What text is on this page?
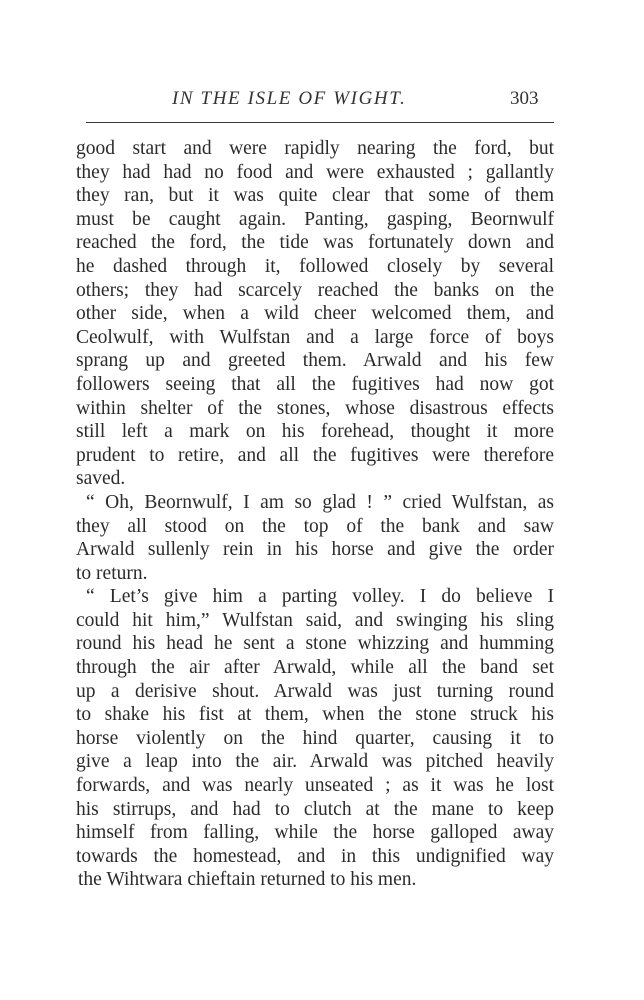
IN THE ISLE OF WIGHT.	303
good start and were rapidly nearing the ford, but
they had had no food and were exhausted ; gallantly
they ran, but it was quite clear that some of them
must be caught again. Panting, gasping, Beornwulf
reached the ford, the tide was fortunately down and
he dashed through it, followed closely by several
others; they had scarcely reached the banks on the
other side, when a wild cheer welcomed them, and
Ceolwulf, with Wulfstan and a large force of boys
sprang up and greeted them. Arwald and his few
followers seeing that all the fugitives had now got
within shelter of the stones, whose disastrous effects
still left a mark on his forehead, thought it more
prudent to retire, and all the fugitives were therefore
saved.
“ Oh, Beornwulf, I am so glad ! ” cried Wulfstan, as
they all stood on the top of the bank and saw
Arwald sullenly rein in his horse and give the order
to return.
“ Let’s give him a parting volley. I do believe I
could hit him,” Wulfstan said, and swinging his sling
round his head he sent a stone whizzing and humming
through the air after Arwald, while all the band set
up a derisive shout. Arwald was just turning round
to shake his fist at them, when the stone struck his
horse violently on the hind quarter, causing it to
give a leap into the air. Arwald was pitched heavily
forwards, and was nearly unseated ; as it was he lost
his stirrups, and had to clutch at the mane to keep
himself from falling, while the horse galloped away
towards the homestead, and in this undignified way
the Wihtwara chieftain returned to his men.
